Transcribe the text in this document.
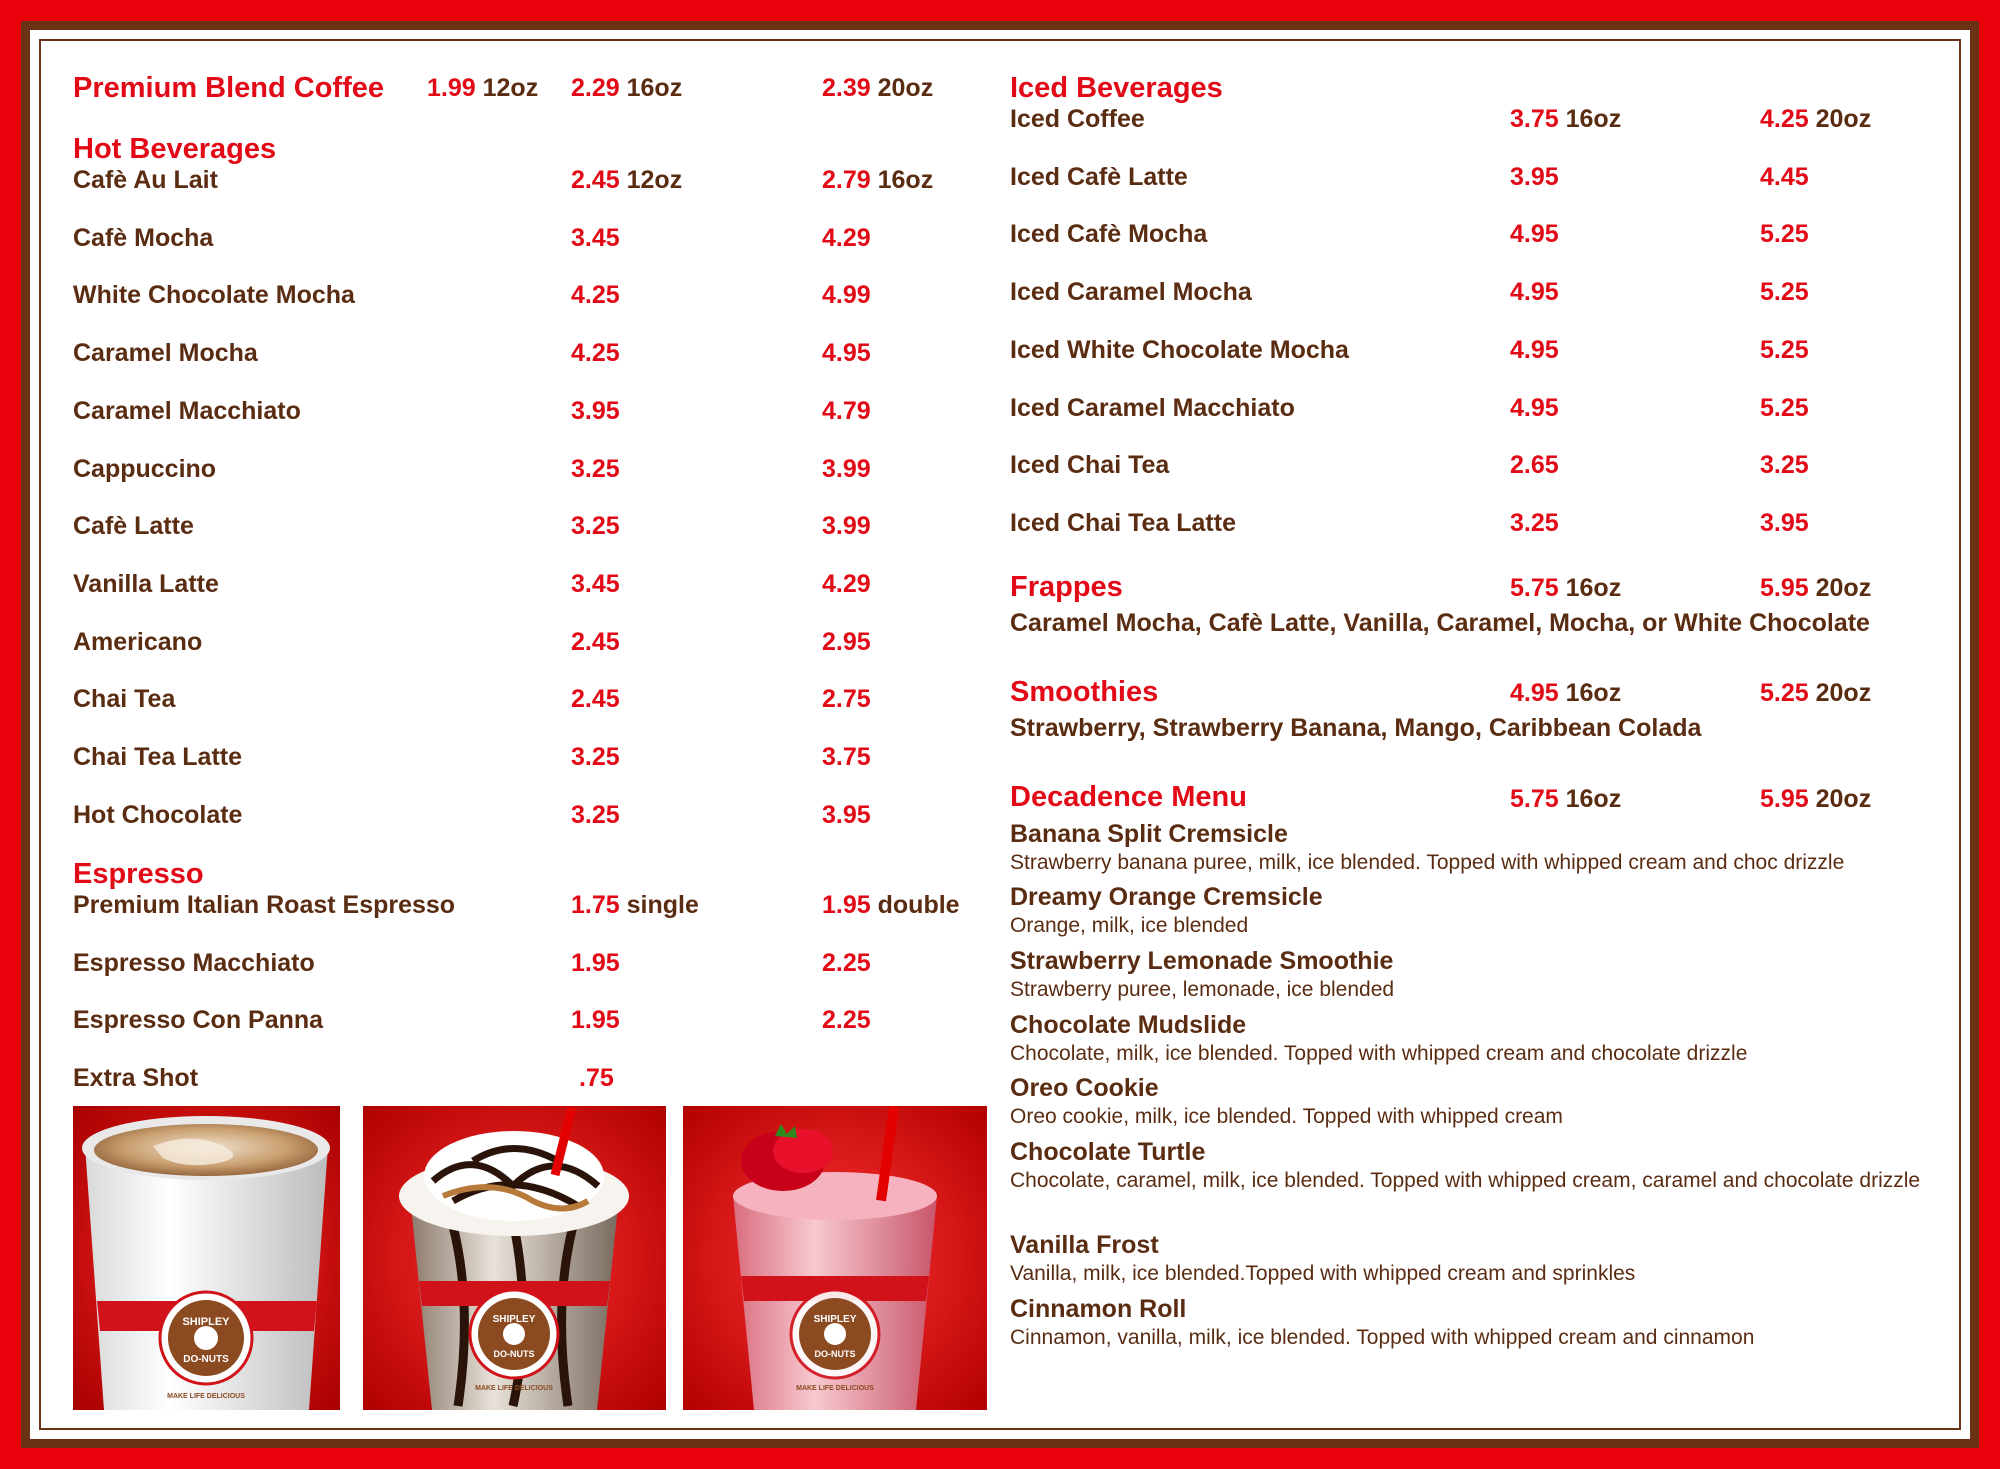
Premium Blend Coffee 1.99 12oz 2.29 16oz	2.39 20oz
Hot Beverages
Cafè Au Lait	2.45 12oz	2.79 16oz
Cafè Mocha	3.45	4.29
White Chocolate Mocha	4.25	4.99
Caramel Mocha	4.25	4.95
Caramel Macchiato	3.95	4.79
Cappuccino	3.25	3.99
Cafè Latte	3.25	3.99
Vanilla Latte	3.45	4.29
Americano	2.45	2.95
Chai Tea	2.45	2.75
Chai Tea Latte	3.25	3.75
Hot Chocolate	3.25	3.95
Espresso
Premium Italian Roast Espresso	1.75 single	1.95 double
Espresso Macchiato	1.95	2.25
Espresso Con Panna	1.95	2.25
Extra Shot	.75
SHIPLEY
DO-NUTS
MAKE LIFE DELICIOUS
SHIPLEY
DO-NUTS
MAKE LIFE DELICIOUS
SHIPLEY
DO-NUTS
MAKE LIFE DELICIOUS
Iced Beverages
Iced Coffee	3.75 16oz	4.25 20oz
Iced Cafè Latte	3.95	4.45
Iced Cafè Mocha	4.95	5.25
Iced Caramel Mocha	4.95	5.25
Iced White Chocolate Mocha	4.95	5.25
Iced Caramel Macchiato	4.95	5.25
Iced Chai Tea	2.65	3.25
Iced Chai Tea Latte	3.25	3.95
Frappes	5.75 16oz	5.95 20oz
Caramel Mocha, Cafè Latte, Vanilla, Caramel, Mocha, or White Chocolate
Smoothies	4.95 16oz	5.25 20oz
Strawberry, Strawberry Banana, Mango, Caribbean Colada
Decadence Menu	5.75 16oz	5.95 20oz
Banana Split Cremsicle
Strawberry banana puree, milk, ice blended. Topped with whipped cream and choc drizzle
Dreamy Orange Cremsicle
Orange, milk, ice blended
Strawberry Lemonade Smoothie
Strawberry puree, lemonade, ice blended
Chocolate Mudslide
Chocolate, milk, ice blended. Topped with whipped cream and chocolate drizzle
Oreo Cookie
Oreo cookie, milk, ice blended. Topped with whipped cream
Chocolate Turtle
Chocolate, caramel, milk, ice blended. Topped with whipped cream, caramel and chocolate drizzle
Vanilla Frost
Vanilla, milk, ice blended.Topped with whipped cream and sprinkles
Cinnamon Roll
Cinnamon, vanilla, milk, ice blended. Topped with whipped cream and cinnamon
